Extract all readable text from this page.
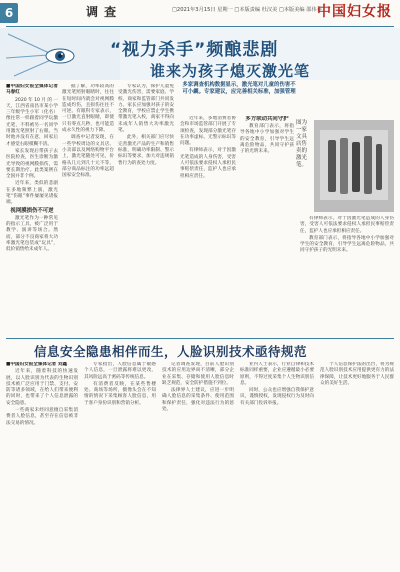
6	调 查	□2021年3月15日 星期一 □本版责编 杜汉美 □本版美编 邵伟乔
中国妇女报
“视力杀手”频酿悲剧
谁来为孩子熄灭激光笔

■中国妇女报全媒体记者 马春红

2020年10月的一天，江西省南昌市某小学三年级学生小军（化名）像往常一样跟着同学玩激光笔，不料被另一名同学用激光笔照射了右眼。当时他并没有在意，回家后才感觉右眼模糊不清。

家长发现后带孩子去医院检查，医生诊断为激光导致的视网膜损伤，需要长期治疗。此类案例在全国并非个例。

近年来，类似的悲剧在多地频繁上演，激光笔“伤眼”事件屡屡见诸报端。

视网膜损伤不可逆

激光笔作为一种常见的指示工具，被广泛用于教学、演讲等场合。然而，部分不良商家将大功率激光笔包装成“玩具”，低价销售给未成年人。

据了解，功率较高的激光笔照射眼睛时，往往在短时间内就会对视网膜造成灼伤，且损伤往往不可逆。有眼科专家表示，一旦激光直射眼睛，即使只有零点几秒，也可能造成永久性的视力下降。

调查中记者发现，在一些学校周边的文具店、小卖部以及网络购物平台上，激光笔随处可见，价格从几元到几十元不等，部分商品标注的功率远超国家安全标准。

专家认为，保护儿童免受激光伤害，需要家庭、学校、商家和监管部门共同发力。家长应加强对孩子的安全教育，学校应禁止学生携带激光笔入校，商家不得向未成年人销售大功率激光笔。

此外，相关部门应尽快完善激光产品的生产和销售标准，明确功率限制、警示标识等要求，加大对违规销售行为的查处力度。

多家调查机构数据显示，激光笔对儿童的伤害不可小觑。专家建议，应完善相关标准，加强管理

近年来，多地消费者协会和市场监管部门开展了专项检查，发现部分激光笔存在功率虚标、无警示标识等问题。

有律师表示，对于因激光笔造成的人身伤害，受害人可依法要求侵权人承担民事赔偿责任，监护人也应承担相应责任。

多方联动共同守护

教育部门表示，将指导各地中小学加强对学生的安全教育，引导学生远离危险物品，共同守护孩子的光明未来。

图为一家文具店售卖的激光笔。

有律师表示，对于因激光笔造成的人身伤害，受害人可依法要求侵权人承担民事赔偿责任，监护人也应承担相应责任。

教育部门表示，将指导各地中小学加强对学生的安全教育，引导学生远离危险物品，共同守护孩子的光明未来。

信息安全隐患相伴而生，人脸识别技术亟待规范

■中国妇女报全媒体记者 刘鑫

近年来，随着科技的快速发展，以人脸识别为代表的生物识别技术被广泛应用于门禁、支付、安防等诸多领域，在给人们带来便利的同时，也带来了个人信息泄露的安全隐患。

一些商家未经同意擅自采集消费者人脸信息，甚至存在信息被非法交易的情况。

专家指出，人脸信息属于敏感个人信息，一旦泄露将难以更改，其风险远高于密码等传统信息。

有消费者反映，在某些售楼处、商场等场所，摄像头会在不知情的情况下采集顾客人脸信息，用于客户身份识别和营销分析。

记者调查发现，目前人脸识别技术的应用边界尚不清晰，部分企业在采集、存储和使用人脸信息时缺乏规范，安全防护措施不到位。

法律界人士建议，应进一步明确人脸信息的采集条件、使用范围和保护责任，强化对违法行为的惩处。

业内人士表示，行业自律和技术标准同样重要，企业应遵循最小必要原则，不得过度采集个人生物识别信息。

同时，公众也应增强自我保护意识，谨慎授权，发现侵权行为及时向有关部门投诉举报。

个人信息保护法的出台，将为规范人脸识别技术应用提供更有力的法律保障，让技术更好地服务于人民群众的美好生活。
